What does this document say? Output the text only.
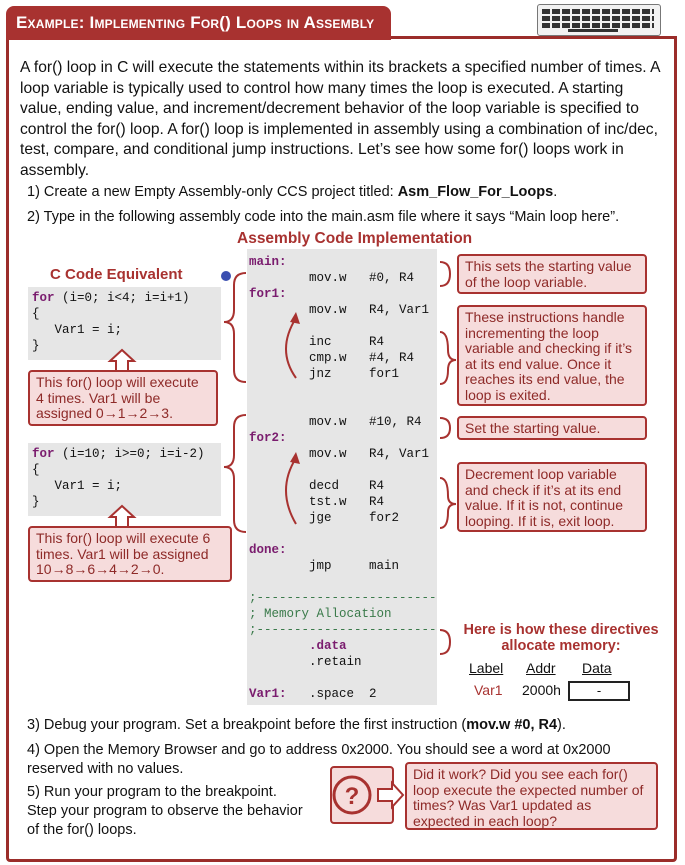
Example: Implementing For() Loops in Assembly
A for() loop in C will execute the statements within its brackets a specified number of times. A loop variable is typically used to control how many times the loop is executed. A starting value, ending value, and increment/decrement behavior of the loop variable is specified to control the for() loop. A for() loop is implemented in assembly using a combination of inc/dec, test, compare, and conditional jump instructions. Let’s see how some for() loops work in assembly.
1) Create a new Empty Assembly-only CCS project titled: Asm_Flow_For_Loops.
2) Type in the following assembly code into the main.asm file where it says “Main loop here”.
Assembly Code Implementation
C Code Equivalent
for (i=0; i<4; i=i+1)
{
Var1 = i;
}
for (i=10; i>=0; i=i-2)
{
Var1 = i;
}
This for() loop will execute 4 times. Var1 will be assigned 0→1→2→3.
This for() loop will execute 6 times. Var1 will be assigned 10→8→6→4→2→0.
main:
mov.w   #0, R4
for1:
mov.w   R4, Var1
inc     R4
cmp.w   #4, R4
jnz     for1
mov.w   #10, R4
for2:
mov.w   R4, Var1
decd    R4
tst.w   R4
jge     for2
done:
jmp     main
;------------------------
; Memory Allocation
;------------------------
.data
.retain
Var1: .space  2
This sets the starting value of the loop variable.
These instructions handle incrementing the loop variable and checking if it’s at its end value. Once it reaches its end value, the loop is exited.
Set the starting value.
Decrement loop variable and check if it’s at its end value. If it is not, continue looping. If it is, exit loop.
Here is how these directives
allocate memory:
Label Addr Data
Var1 2000h	-
3) Debug your program. Set a breakpoint before the first instruction (mov.w #0, R4).
4) Open the Memory Browser and go to address 0x2000. You should see a word at 0x2000 reserved with no values.
5) Run your program to the breakpoint.
Step your program to observe the behavior
of the for() loops.
Did it work? Did you see each for() loop execute the expected number of times? Was Var1 updated as expected in each loop?
?
